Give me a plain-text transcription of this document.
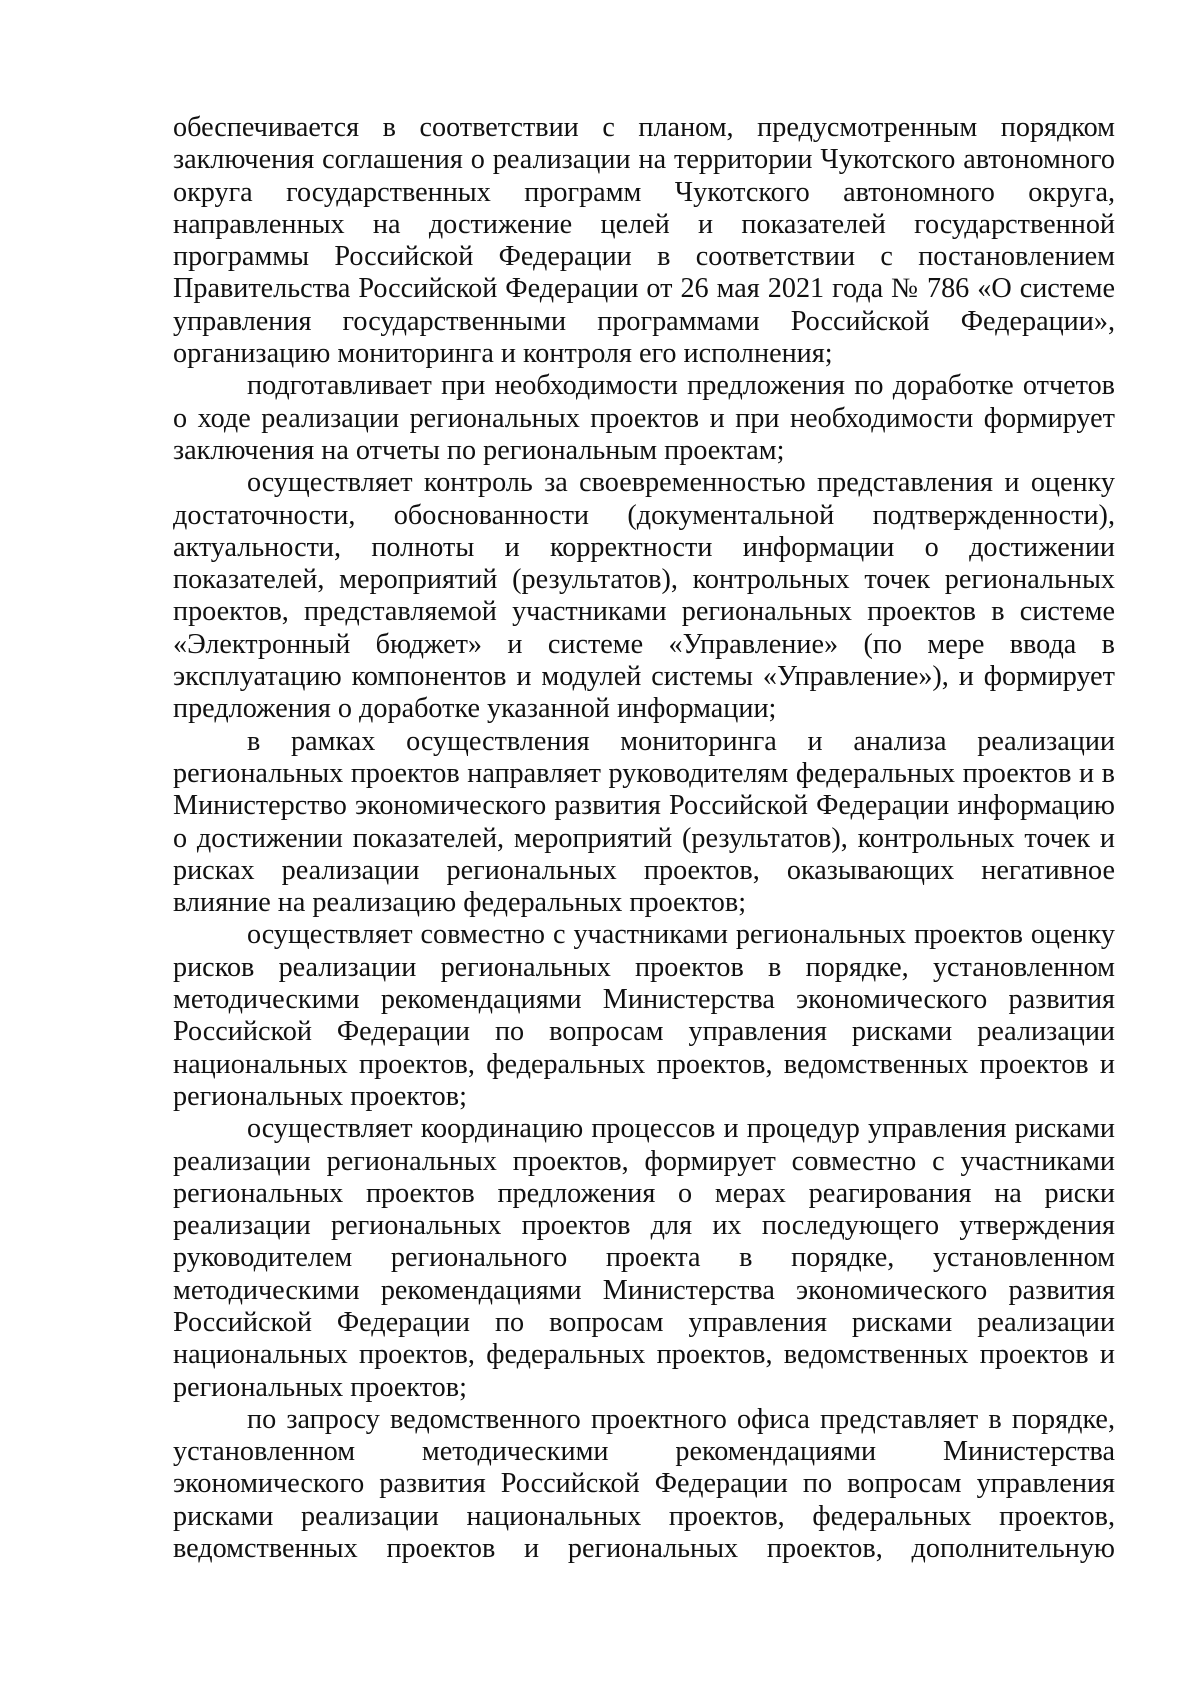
обеспечивается в соответствии с планом, предусмотренным порядком заключения соглашения о реализации на территории Чукотского автономного округа государственных программ Чукотского автономного округа, направленных на достижение целей и показателей государственной программы Российской Федерации в соответствии с постановлением Правительства Российской Федерации от 26 мая 2021 года № 786 «О системе управления государственными программами Российской Федерации», организацию мониторинга и контроля его исполнения;

подготавливает при необходимости предложения по доработке отчетов о ходе реализации региональных проектов и при необходимости формирует заключения на отчеты по региональным проектам;

осуществляет контроль за своевременностью представления и оценку достаточности, обоснованности (документальной подтвержденности), актуальности, полноты и корректности информации о достижении показателей, мероприятий (результатов), контрольных точек региональных проектов, представляемой участниками региональных проектов в системе «Электронный бюджет» и системе «Управление» (по мере ввода в эксплуатацию компонентов и модулей системы «Управление»), и формирует предложения о доработке указанной информации;

в рамках осуществления мониторинга и анализа реализации региональных проектов направляет руководителям федеральных проектов и в Министерство экономического развития Российской Федерации информацию о достижении показателей, мероприятий (результатов), контрольных точек и рисках реализации региональных проектов, оказывающих негативное влияние на реализацию федеральных проектов;

осуществляет совместно с участниками региональных проектов оценку рисков реализации региональных проектов в порядке, установленном методическими рекомендациями Министерства экономического развития Российской Федерации по вопросам управления рисками реализации национальных проектов, федеральных проектов, ведомственных проектов и региональных проектов;

осуществляет координацию процессов и процедур управления рисками реализации региональных проектов, формирует совместно с участниками региональных проектов предложения о мерах реагирования на риски реализации региональных проектов для их последующего утверждения руководителем регионального проекта в порядке, установленном методическими рекомендациями Министерства экономического развития Российской Федерации по вопросам управления рисками реализации национальных проектов, федеральных проектов, ведомственных проектов и региональных проектов;

по запросу ведомственного проектного офиса представляет в порядке, установленном методическими рекомендациями Министерства экономического развития Российской Федерации по вопросам управления рисками реализации национальных проектов, федеральных проектов, ведомственных проектов и региональных проектов, дополнительную
